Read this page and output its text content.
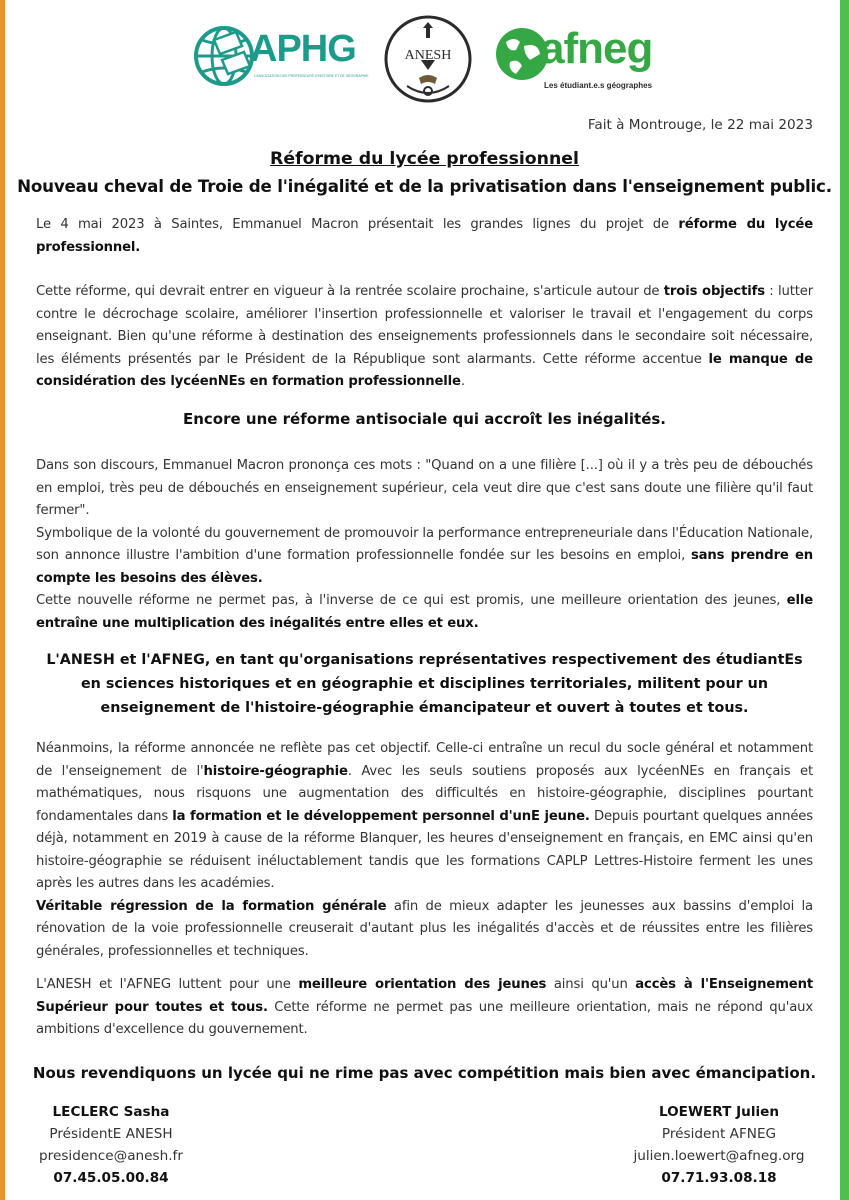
APHG
L'ASSOCIATION DES PROFESSEURS D'HISTOIRE ET DE GÉOGRAPHIE
ANESH	afneg
Les étudiant.e.s géographes
Fait à Montrouge, le 22 mai 2023
Réforme du lycée professionnel
Nouveau cheval de Troie de l'inégalité et de la privatisation dans l'enseignement public.
Le 4 mai 2023 à Saintes, Emmanuel Macron présentait les grandes lignes du projet de réforme du lycée professionnel.
Cette réforme, qui devrait entrer en vigueur à la rentrée scolaire prochaine, s'articule autour de trois objectifs : lutter contre le décrochage scolaire, améliorer l'insertion professionnelle et valoriser le travail et l'engagement du corps enseignant. Bien qu'une réforme à destination des enseignements professionnels dans le secondaire soit nécessaire, les éléments présentés par le Président de la République sont alarmants. Cette réforme accentue le manque de considération des lycéenNEs en formation professionnelle.
Encore une réforme antisociale qui accroît les inégalités.
Dans son discours, Emmanuel Macron prononça ces mots : "Quand on a une filière [...] où il y a très peu de débouchés en emploi, très peu de débouchés en enseignement supérieur, cela veut dire que c'est sans doute une filière qu'il faut fermer".
Symbolique de la volonté du gouvernement de promouvoir la performance entrepreneuriale dans l'Éducation Nationale, son annonce illustre l'ambition d'une formation professionnelle fondée sur les besoins en emploi, sans prendre en compte les besoins des élèves.
Cette nouvelle réforme ne permet pas, à l'inverse de ce qui est promis, une meilleure orientation des jeunes, elle entraîne une multiplication des inégalités entre elles et eux.
L'ANESH et l'AFNEG, en tant qu'organisations représentatives respectivement des étudiantEs en sciences historiques et en géographie et disciplines territoriales, militent pour un enseignement de l'histoire-géographie émancipateur et ouvert à toutes et tous.
Néanmoins, la réforme annoncée ne reflète pas cet objectif. Celle-ci entraîne un recul du socle général et notamment de l'enseignement de l'histoire-géographie. Avec les seuls soutiens proposés aux lycéenNEs en français et mathématiques, nous risquons une augmentation des difficultés en histoire-géographie, disciplines pourtant fondamentales dans la formation et le développement personnel d'unE jeune. Depuis pourtant quelques années déjà, notamment en 2019 à cause de la réforme Blanquer, les heures d'enseignement en français, en EMC ainsi qu'en histoire-géographie se réduisent inéluctablement tandis que les formations CAPLP Lettres-Histoire ferment les unes après les autres dans les académies.
Véritable régression de la formation générale afin de mieux adapter les jeunesses aux bassins d'emploi la rénovation de la voie professionnelle creuserait d'autant plus les inégalités d'accès et de réussites entre les filières générales, professionnelles et techniques.
L'ANESH et l'AFNEG luttent pour une meilleure orientation des jeunes ainsi qu'un accès à l'Enseignement Supérieur pour toutes et tous. Cette réforme ne permet pas une meilleure orientation, mais ne répond qu'aux ambitions d'excellence du gouvernement.
Nous revendiquons un lycée qui ne rime pas avec compétition mais bien avec émancipation.
LECLERC Sasha
PrésidentE ANESH
presidence@anesh.fr
07.45.05.00.84
LOEWERT Julien
Président AFNEG
julien.loewert@afneg.org
07.71.93.08.18
